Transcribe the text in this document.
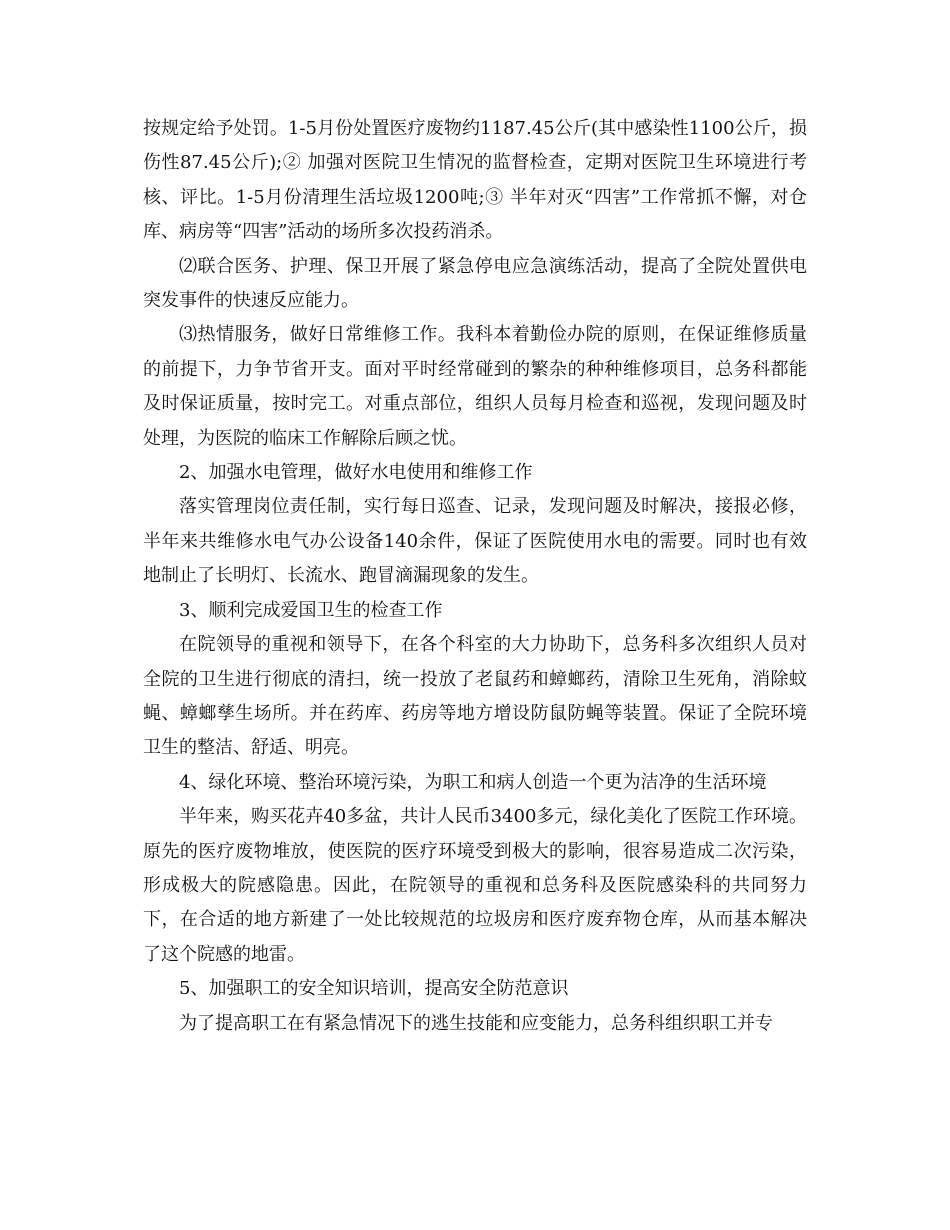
按规定给予处罚。1-5月份处置医疗废物约1187.45公斤(其中感染性1100公斤，损伤性87.45公斤);② 加强对医院卫生情况的监督检查，定期对医院卫生环境进行考核、评比。1-5月份清理生活垃圾1200吨;③ 半年对灭“四害”工作常抓不懈，对仓库、病房等“四害”活动的场所多次投药消杀。

⑵联合医务、护理、保卫开展了紧急停电应急演练活动，提高了全院处置供电突发事件的快速反应能力。

⑶热情服务，做好日常维修工作。我科本着勤俭办院的原则，在保证维修质量的前提下，力争节省开支。面对平时经常碰到的繁杂的种种维修项目，总务科都能及时保证质量，按时完工。对重点部位，组织人员每月检查和巡视，发现问题及时处理，为医院的临床工作解除后顾之忧。

2、加强水电管理，做好水电使用和维修工作

落实管理岗位责任制，实行每日巡查、记录，发现问题及时解决，接报必修，半年来共维修水电气办公设备140余件，保证了医院使用水电的需要。同时也有效地制止了长明灯、长流水、跑冒滴漏现象的发生。

3、顺利完成爱国卫生的检查工作

在院领导的重视和领导下，在各个科室的大力协助下，总务科多次组织人员对全院的卫生进行彻底的清扫，统一投放了老鼠药和蟑螂药，清除卫生死角，消除蚊蝇、蟑螂孳生场所。并在药库、药房等地方增设防鼠防蝇等装置。保证了全院环境卫生的整洁、舒适、明亮。

4、绿化环境、整治环境污染，为职工和病人创造一个更为洁净的生活环境

半年来，购买花卉40多盆，共计人民币3400多元，绿化美化了医院工作环境。原先的医疗废物堆放，使医院的医疗环境受到极大的影响，很容易造成二次污染，形成极大的院感隐患。因此，在院领导的重视和总务科及医院感染科的共同努力下，在合适的地方新建了一处比较规范的垃圾房和医疗废弃物仓库，从而基本解决了这个院感的地雷。

5、加强职工的安全知识培训，提高安全防范意识

为了提高职工在有紧急情况下的逃生技能和应变能力，总务科组织职工并专
